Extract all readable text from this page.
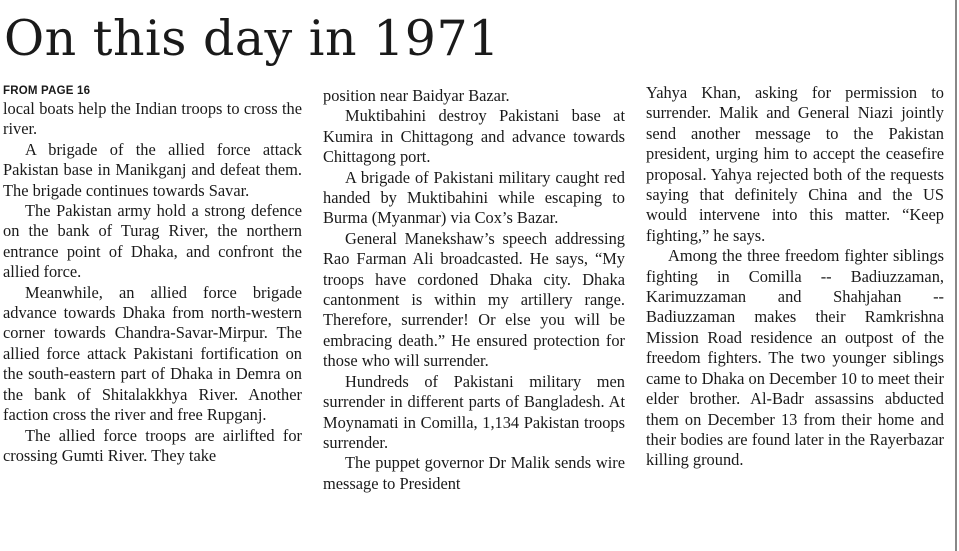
On this day in 1971
FROM PAGE 16

local boats help the Indian troops to cross the river.

A brigade of the allied force attack Pakistan base in Manikganj and defeat them. The brigade continues towards Savar.

The Pakistan army hold a strong defence on the bank of Turag River, the northern entrance point of Dhaka, and confront the allied force.

Meanwhile, an allied force brigade advance towards Dhaka from north-western corner towards Chandra-Savar-Mirpur. The allied force attack Pakistani fortification on the south-eastern part of Dhaka in Demra on the bank of Shitalakkhya River. Another faction cross the river and free Rupganj.

The allied force troops are airlifted for crossing Gumti River. They take

position near Baidyar Bazar.

Muktibahini destroy Pakistani base at Kumira in Chittagong and advance towards Chittagong port.

A brigade of Pakistani military caught red handed by Muktibahini while escaping to Burma (Myanmar) via Cox’s Bazar.

General Manekshaw’s speech addressing Rao Farman Ali broadcasted. He says, “My troops have cordoned Dhaka city. Dhaka cantonment is within my artillery range. Therefore, surrender! Or else you will be embracing death.” He ensured protection for those who will surrender.

Hundreds of Pakistani military men surrender in different parts of Bangladesh. At Moynamati in Comilla, 1,134 Pakistan troops surrender.

The puppet governor Dr Malik sends wire message to President

Yahya Khan, asking for permission to surrender. Malik and General Niazi jointly send another message to the Pakistan president, urging him to accept the ceasefire proposal. Yahya rejected both of the requests saying that definitely China and the US would intervene into this matter. “Keep fighting,” he says.

Among the three freedom fighter siblings fighting in Comilla -- Badiuzzaman, Karimuzzaman and Shahjahan -- Badiuzzaman makes their Ramkrishna Mission Road residence an outpost of the freedom fighters. The two younger siblings came to Dhaka on December 10 to meet their elder brother. Al-Badr assassins abducted them on December 13 from their home and their bodies are found later in the Rayerbazar killing ground.
